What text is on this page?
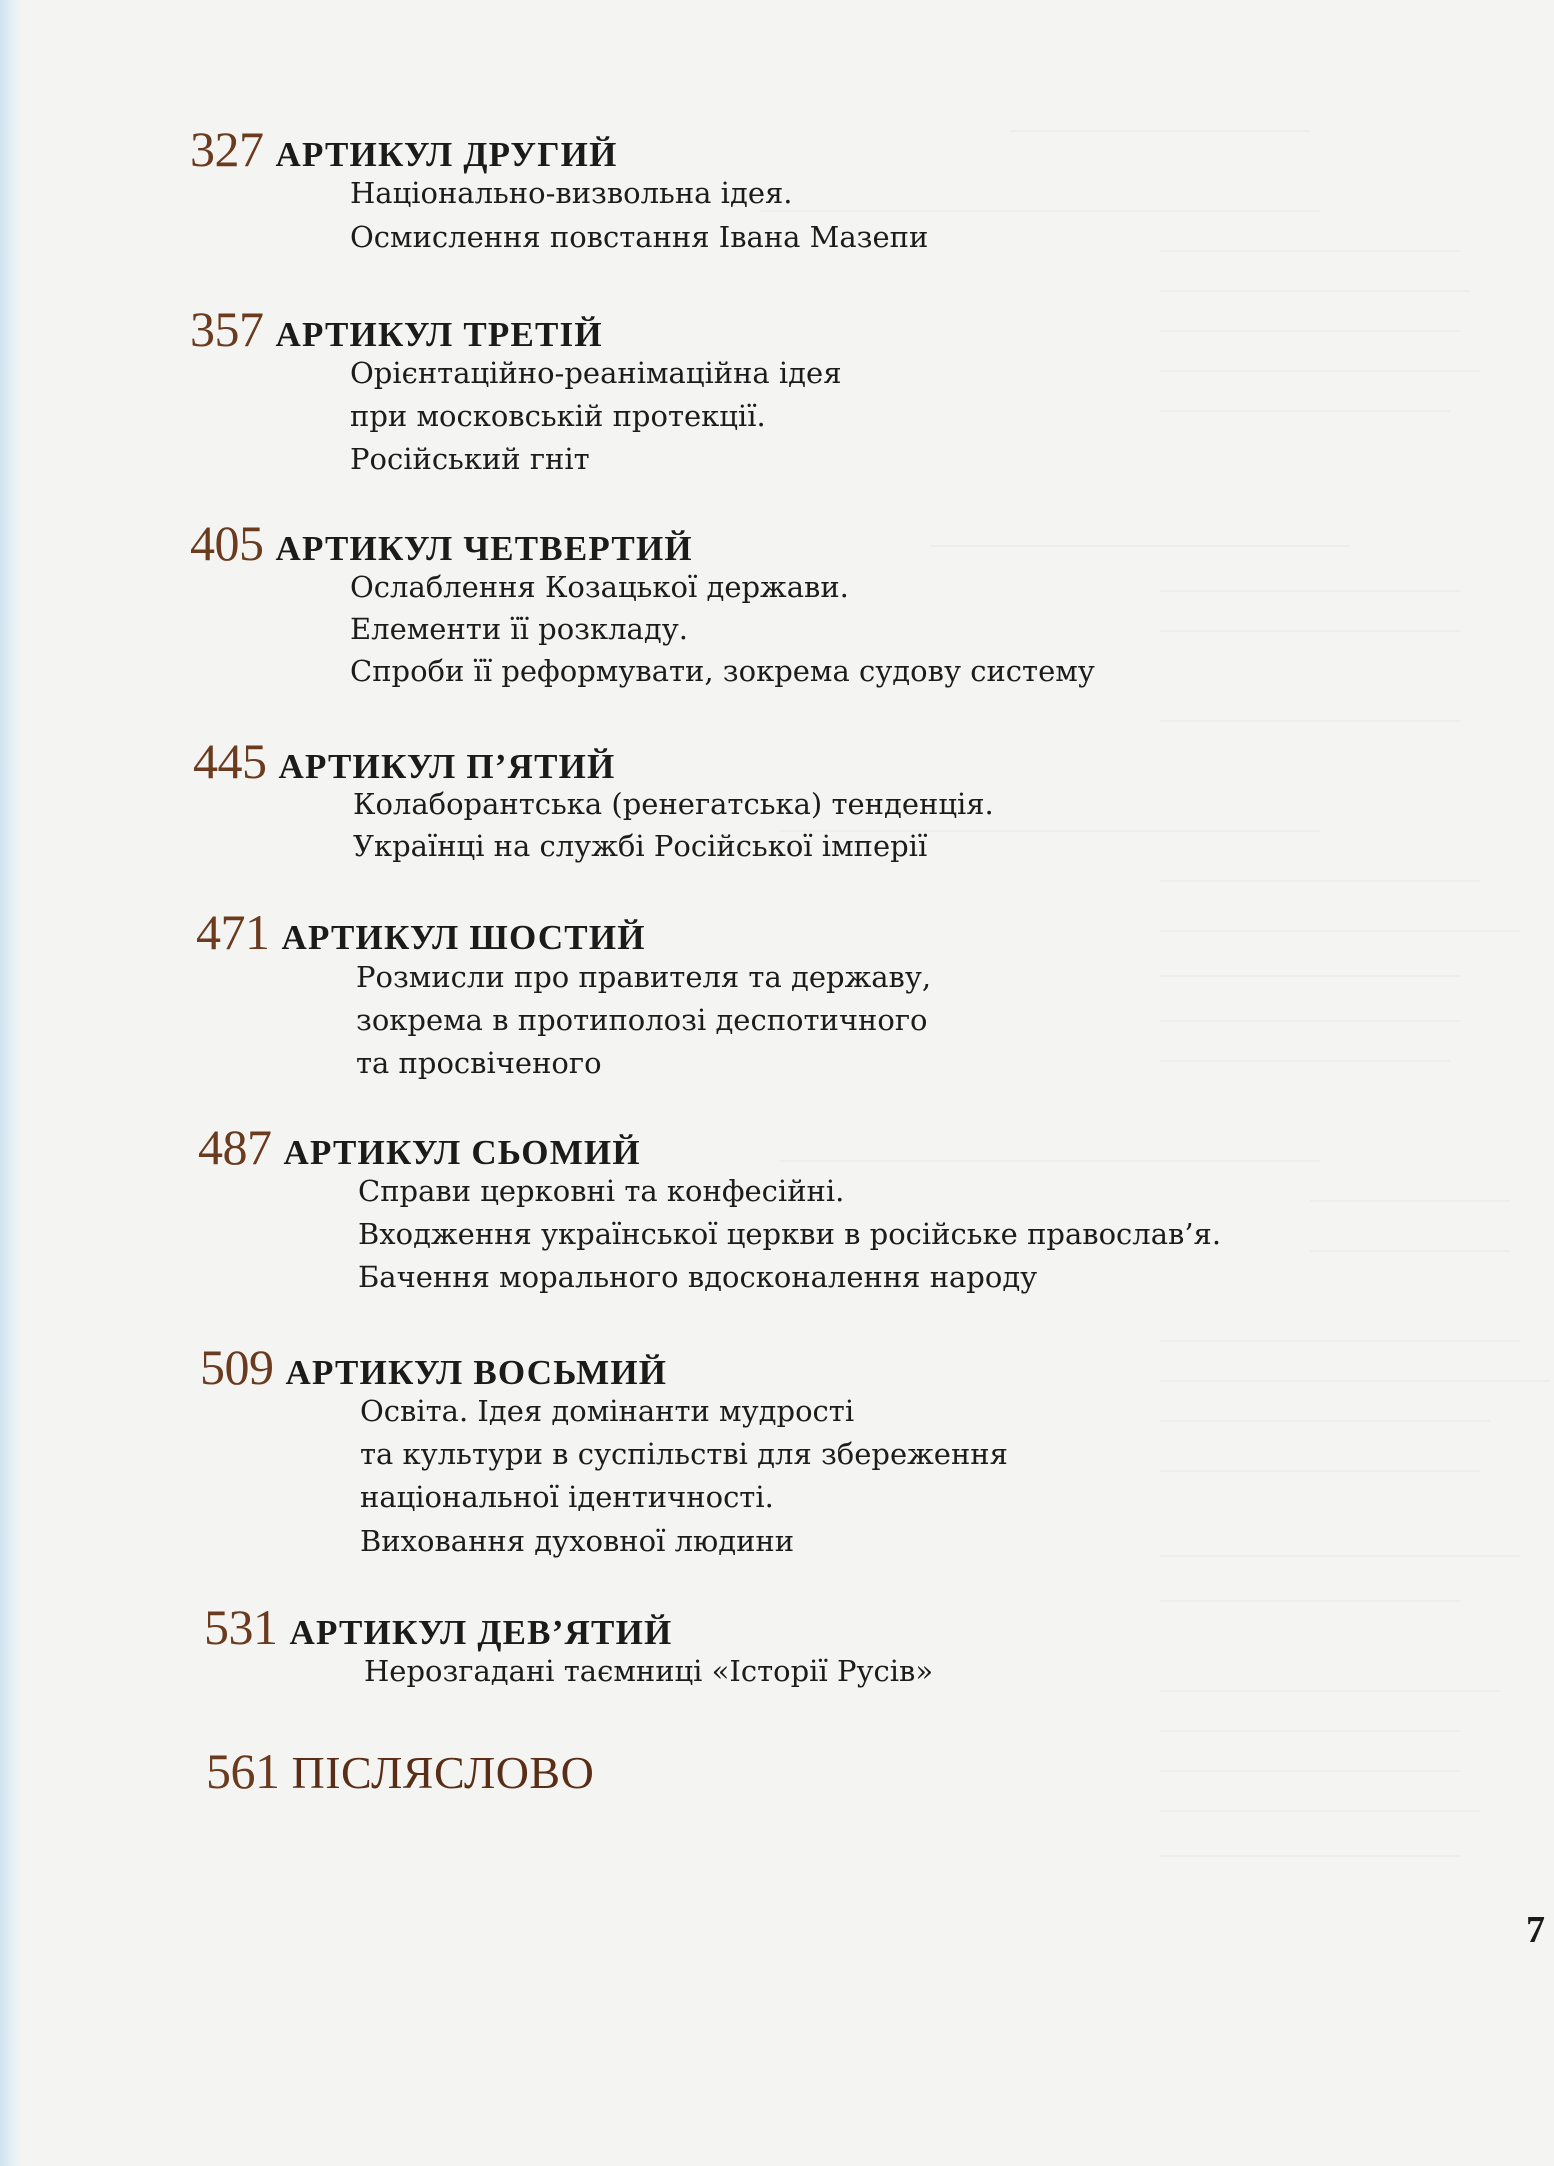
327 АРТИКУЛ ДРУГИЙ
Національно-визвольна ідея.
Осмислення повстання Івана Мазепи
357 АРТИКУЛ ТРЕТІЙ
Орієнтаційно-реанімаційна ідея
при московській протекції.
Російський гніт
405 АРТИКУЛ ЧЕТВЕРТИЙ
Ослаблення Козацької держави.
Елементи її розкладу.
Спроби її реформувати, зокрема судову систему
445 АРТИКУЛ П’ЯТИЙ
Колаборантська (ренегатська) тенденція.
Українці на службі Російської імперії
471 АРТИКУЛ ШОСТИЙ
Розмисли про правителя та державу,
зокрема в протиполозі деспотичного
та просвіченого
487 АРТИКУЛ СЬОМИЙ
Справи церковні та конфесійні.
Входження української церкви в російське православ’я.
Бачення морального вдосконалення народу
509 АРТИКУЛ ВОСЬМИЙ
Освіта. Ідея домінанти мудрості
та культури в суспільстві для збереження
національної ідентичності.
Виховання духовної людини
531 АРТИКУЛ ДЕВ’ЯТИЙ
Нерозгадані таємниці «Історії Русів»
561 ПІСЛЯСЛОВО
7
